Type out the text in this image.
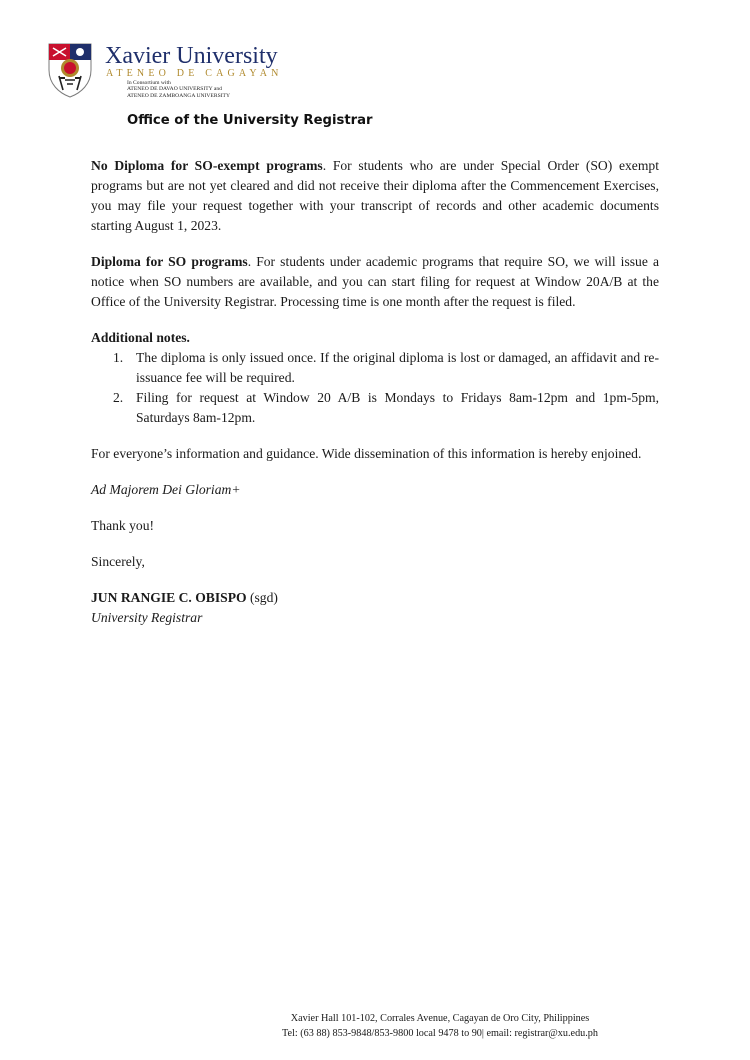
Xavier University
ATENEO DE CAGAYAN
In Consortium with
ATENEO DE DAVAO UNIVERSITY and
ATENEO DE ZAMBOANGA UNIVERSITY
Office of the University Registrar

No Diploma for SO-exempt programs. For students who are under Special Order (SO) exempt programs but are not yet cleared and did not receive their diploma after the Commencement Exercises, you may file your request together with your transcript of records and other academic documents starting August 1, 2023.

Diploma for SO programs. For students under academic programs that require SO, we will issue a notice when SO numbers are available, and you can start filing for request at Window 20A/B at the Office of the University Registrar. Processing time is one month after the request is filed.

Additional notes.

1. The diploma is only issued once. If the original diploma is lost or damaged, an affidavit and re-issuance fee will be required.
2. Filing for request at Window 20 A/B is Mondays to Fridays 8am-12pm and 1pm-5pm, Saturdays 8am-12pm.

For everyone’s information and guidance. Wide dissemination of this information is hereby enjoined.

Ad Majorem Dei Gloriam+

Thank you!

Sincerely,

JUN RANGIE C. OBISPO (sgd)

University Registrar

Xavier Hall 101-102, Corrales Avenue, Cagayan de Oro City, Philippines
Tel: (63 88) 853-9848/853-9800 local 9478 to 90| email: registrar@xu.edu.ph
